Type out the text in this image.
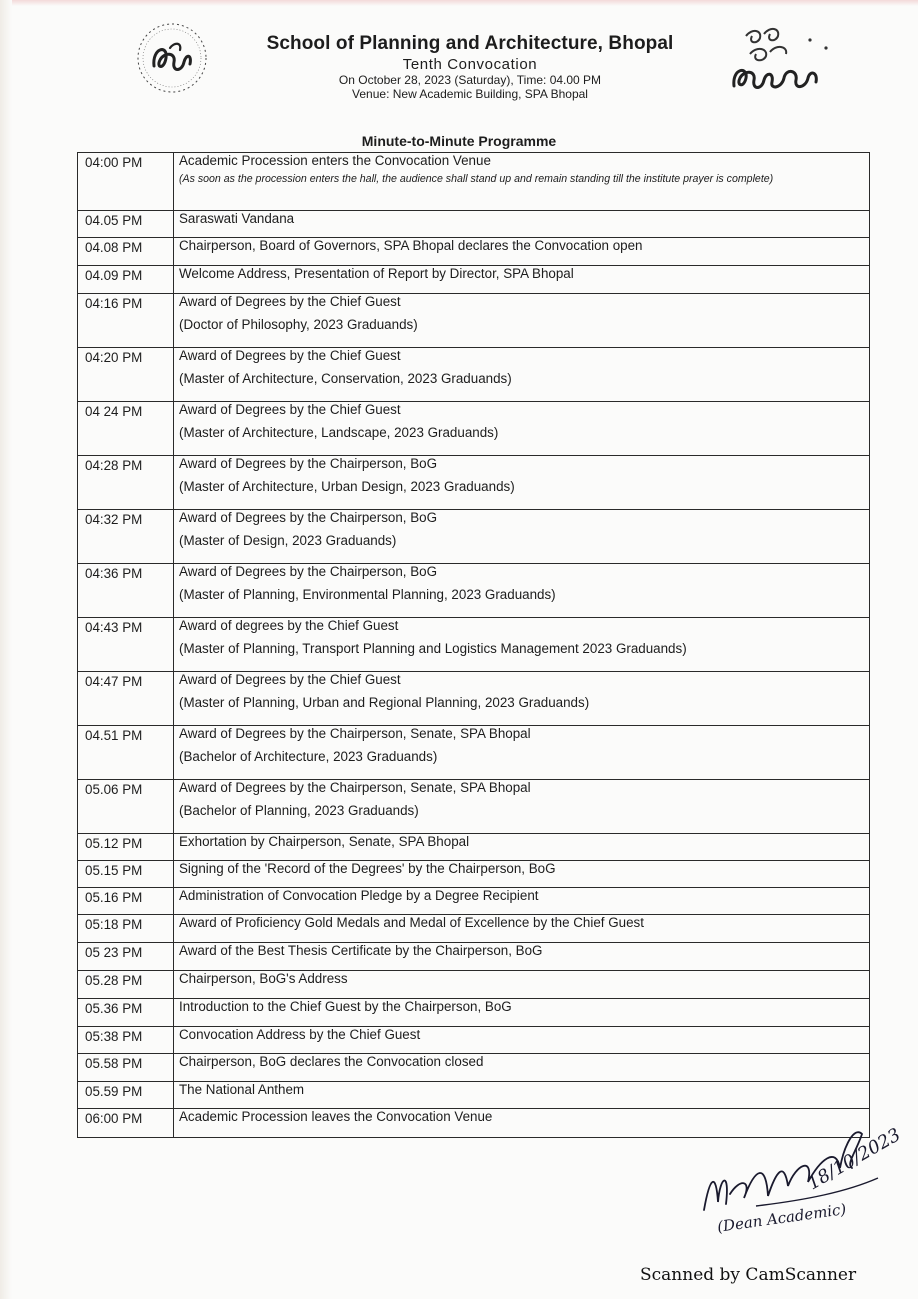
School of Planning and Architecture, Bhopal
Tenth Convocation
On October 28, 2023 (Saturday), Time: 04.00 PM
Venue: New Academic Building, SPA Bhopal
Minute-to-Minute Programme
04:00 PM	Academic Procession enters the Convocation Venue
(As soon as the procession enters the hall, the audience shall stand up and remain standing till the institute prayer is complete)

04.05 PM	Saraswati Vandana

04.08 PM	Chairperson, Board of Governors, SPA Bhopal declares the Convocation open

04.09 PM	Welcome Address, Presentation of Report by Director, SPA Bhopal

04:16 PM	Award of Degrees by the Chief Guest
(Doctor of Philosophy, 2023 Graduands)

04:20 PM	Award of Degrees by the Chief Guest
(Master of Architecture, Conservation, 2023 Graduands)

04 24 PM	Award of Degrees by the Chief Guest
(Master of Architecture, Landscape, 2023 Graduands)

04:28 PM	Award of Degrees by the Chairperson, BoG
(Master of Architecture, Urban Design, 2023 Graduands)

04:32 PM	Award of Degrees by the Chairperson, BoG
(Master of Design, 2023 Graduands)

04:36 PM	Award of Degrees by the Chairperson, BoG
(Master of Planning, Environmental Planning, 2023 Graduands)

04:43 PM	Award of degrees by the Chief Guest
(Master of Planning, Transport Planning and Logistics Management 2023 Graduands)

04:47 PM	Award of Degrees by the Chief Guest
(Master of Planning, Urban and Regional Planning, 2023 Graduands)

04.51 PM	Award of Degrees by the Chairperson, Senate, SPA Bhopal
(Bachelor of Architecture, 2023 Graduands)

05.06 PM	Award of Degrees by the Chairperson, Senate, SPA Bhopal
(Bachelor of Planning, 2023 Graduands)

05.12 PM	Exhortation by Chairperson, Senate, SPA Bhopal

05.15 PM	Signing of the 'Record of the Degrees' by the Chairperson, BoG

05.16 PM	Administration of Convocation Pledge by a Degree Recipient

05:18 PM	Award of Proficiency Gold Medals and Medal of Excellence by the Chief Guest

05 23 PM	Award of the Best Thesis Certificate by the Chairperson, BoG

05.28 PM	Chairperson, BoG's Address

05.36 PM	Introduction to the Chief Guest by the Chairperson, BoG

05:38 PM	Convocation Address by the Chief Guest

05.58 PM	Chairperson, BoG declares the Convocation closed

05.59 PM	The National Anthem

06:00 PM	Academic Procession leaves the Convocation Venue
18/10/2023
(Dean Academic)
Scanned by CamScanner
